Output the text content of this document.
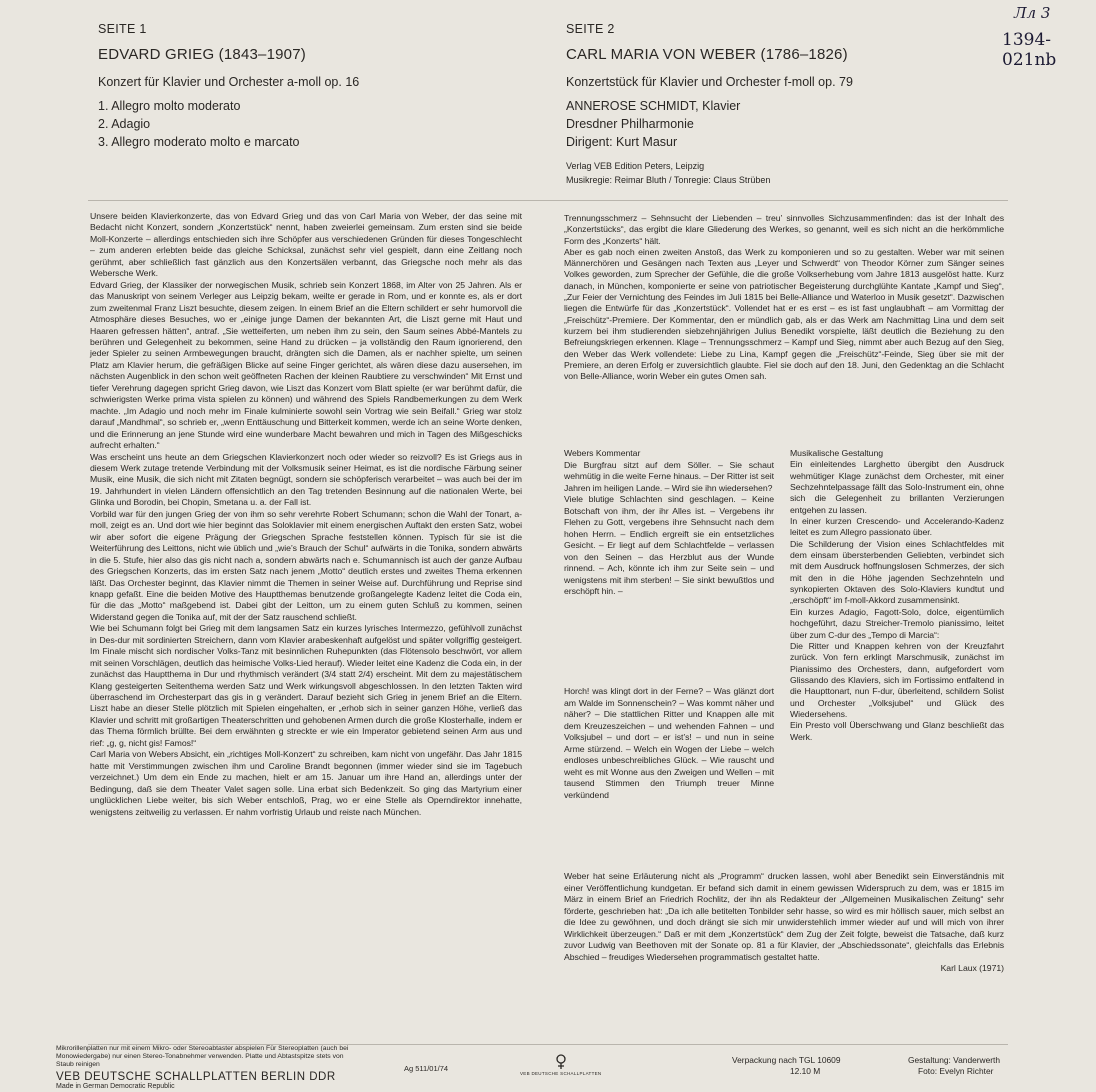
Лл 3
1394-021nb
SEITE 1
EDVARD GRIEG (1843–1907)
Konzert für Klavier und Orchester a-moll op. 16
1. Allegro molto moderato
2. Adagio
3. Allegro moderato molto e marcato
SEITE 2
CARL MARIA VON WEBER (1786–1826)
Konzertstück für Klavier und Orchester f-moll op. 79
ANNEROSE SCHMIDT, Klavier
Dresdner Philharmonie
Dirigent: Kurt Masur
Verlag VEB Edition Peters, Leipzig
Musikregie: Reimar Bluth / Tonregie: Claus Strüben

Unsere beiden Klavierkonzerte, das von Edvard Grieg und das von Carl Maria von Weber, der das seine mit Bedacht nicht Konzert, sondern „Konzertstück“ nennt, haben zweierlei gemeinsam. Zum ersten sind sie beide Moll-Konzerte – allerdings entschieden sich ihre Schöpfer aus verschiedenen Gründen für dieses Tongeschlecht – zum anderen erlebten beide das gleiche Schicksal, zunächst sehr viel gespielt, dann eine Zeitlang noch gerühmt, aber schließlich fast gänzlich aus den Konzertsälen verbannt, das Griegsche noch mehr als das Webersche Werk.

Edvard Grieg, der Klassiker der norwegischen Musik, schrieb sein Konzert 1868, im Alter von 25 Jahren. Als er das Manuskript von seinem Verleger aus Leipzig bekam, weilte er gerade in Rom, und er konnte es, als er dort zum zweitenmal Franz Liszt besuchte, diesem zeigen. In einem Brief an die Eltern schildert er sehr humorvoll die Atmosphäre dieses Besuches, wo er „einige junge Damen der bekannten Art, die Liszt gerne mit Haut und Haaren gefressen hätten“, antraf. „Sie wetteiferten, um neben ihm zu sein, den Saum seines Abbé-Mantels zu berühren und Gelegenheit zu bekommen, seine Hand zu drücken – ja vollständig den Raum ignorierend, den jeder Spieler zu seinen Armbewegungen braucht, drängten sich die Damen, als er nachher spielte, um seinen Platz am Klavier herum, die gefräßigen Blicke auf seine Finger gerichtet, als wären diese dazu ausersehen, im nächsten Augenblick in den schon weit geöffneten Rachen der kleinen Raubtiere zu verschwinden“ Mit Ernst und tiefer Verehrung dagegen spricht Grieg davon, wie Liszt das Konzert vom Blatt spielte (er war berühmt dafür, die schwierigsten Werke prima vista spielen zu können) und während des Spiels Randbemerkungen zu dem Werk machte. „Im Adagio und noch mehr im Finale kulminierte sowohl sein Vortrag wie sein Beifall.“ Grieg war stolz darauf „Mandhmal“, so schrieb er, „wenn Enttäuschung und Bitterkeit kommen, werde ich an seine Worte denken, und die Erinnerung an jene Stunde wird eine wunderbare Macht bewahren und mich in Tagen des Mißgeschicks aufrecht erhalten.“

Was erscheint uns heute an dem Griegschen Klavierkonzert noch oder wieder so reizvoll? Es ist Griegs aus in diesem Werk zutage tretende Verbindung mit der Volksmusik seiner Heimat, es ist die nordische Färbung seiner Musik, eine Musik, die sich nicht mit Zitaten begnügt, sondern sie schöpferisch verarbeitet – was auch bei der im 19. Jahrhundert in vielen Ländern offensichtlich an den Tag tretenden Besinnung auf die nationalen Werte, bei Glinka und Borodin, bei Chopin, Smetana u. a. der Fall ist.

Vorbild war für den jungen Grieg der von ihm so sehr verehrte Robert Schumann; schon die Wahl der Tonart, a-moll, zeigt es an. Und dort wie hier beginnt das Soloklavier mit einem energischen Auftakt den ersten Satz, wobei wir aber sofort die eigene Prägung der Griegschen Sprache feststellen können. Typisch für sie ist die Weiterführung des Leittons, nicht wie üblich und „wie’s Brauch der Schul“ aufwärts in die Tonika, sondern abwärts in die 5. Stufe, hier also das gis nicht nach a, sondern abwärts nach e. Schumannisch ist auch der ganze Aufbau des Griegschen Konzerts, das im ersten Satz nach jenem „Motto“ deutlich erstes und zweites Thema erkennen läßt. Das Orchester beginnt, das Klavier nimmt die Themen in seiner Weise auf. Durchführung und Reprise sind knapp gefaßt. Eine die beiden Motive des Hauptthemas benutzende großangelegte Kadenz leitet die Coda ein, für die das „Motto“ maßgebend ist. Dabei gibt der Leitton, um zu einem guten Schluß zu kommen, seinen Widerstand gegen die Tonika auf, mit der der Satz rauschend schließt.

Wie bei Schumann folgt bei Grieg mit dem langsamen Satz ein kurzes lyrisches Intermezzo, gefühlvoll zunächst in Des-dur mit sordinierten Streichern, dann vom Klavier arabeskenhaft aufgelöst und später vollgriffig gesteigert. Im Finale mischt sich nordischer Volks-Tanz mit besinnlichen Ruhepunkten (das Flötensolo beschwört, vor allem mit seinen Vorschlägen, deutlich das heimische Volks-Lied herauf). Wieder leitet eine Kadenz die Coda ein, in der zunächst das Hauptthema in Dur und rhythmisch verändert (3/4 statt 2/4) erscheint. Mit dem zu majestätischem Klang gesteigerten Seitenthema werden Satz und Werk wirkungsvoll abgeschlossen. In den letzten Takten wird überraschend im Orchesterpart das gis in g verändert. Darauf bezieht sich Grieg in jenem Brief an die Eltern. Liszt habe an dieser Stelle plötzlich mit Spielen eingehalten, er „erhob sich in seiner ganzen Höhe, verließ das Klavier und schritt mit großartigen Theaterschritten und gehobenen Armen durch die große Klosterhalle, indem er das Thema förmlich brüllte. Bei dem erwähnten g streckte er wie ein Imperator gebietend seinen Arm aus und rief: „g, g, nicht gis! Famos!“

Carl Maria von Webers Absicht, ein „richtiges Moll-Konzert“ zu schreiben, kam nicht von ungefähr. Das Jahr 1815 hatte mit Verstimmungen zwischen ihm und Caroline Brandt begonnen (immer wieder sind sie im Tagebuch verzeichnet.) Um dem ein Ende zu machen, hielt er am 15. Januar um ihre Hand an, allerdings unter der Bedingung, daß sie dem Theater Valet sagen solle. Lina erbat sich Bedenkzeit. So ging das Martyrium einer unglücklichen Liebe weiter, bis sich Weber entschloß, Prag, wo er eine Stelle als Operndirektor innehatte, wenigstens zeitweilig zu verlassen. Er nahm vorfristig Urlaub und reiste nach München.

Trennungsschmerz – Sehnsucht der Liebenden – treu’ sinnvolles Sichzusammenfinden: das ist der Inhalt des „Konzertstücks“, das ergibt die klare Gliederung des Werkes, so genannt, weil es sich nicht an die herkömmliche Form des „Konzerts“ hält.

Aber es gab noch einen zweiten Anstoß, das Werk zu komponieren und so zu gestalten. Weber war mit seinen Männerchören und Gesängen nach Texten aus „Leyer und Schwerdt“ von Theodor Körner zum Sänger seines Volkes geworden, zum Sprecher der Gefühle, die die große Volkserhebung vom Jahre 1813 ausgelöst hatte. Kurz danach, in München, komponierte er seine von patriotischer Begeisterung durchglühte Kantate „Kampf und Sieg“, „Zur Feier der Vernichtung des Feindes im Juli 1815 bei Belle-Alliance und Waterloo in Musik gesetzt“. Dazwischen liegen die Entwürfe für das „Konzertstück“. Vollendet hat er es erst – es ist fast unglaubhaft – am Vormittag der „Freischütz“-Premiere. Der Kommentar, den er mündlich gab, als er das Werk am Nachmittag Lina und dem seit kurzem bei ihm studierenden siebzehnjährigen Julius Benedikt vorspielte, läßt deutlich die Beziehung zu den Befreiungskriegen erkennen. Klage – Trennungsschmerz – Kampf und Sieg, nimmt aber auch Bezug auf den Sieg, den Weber das Werk vollendete: Liebe zu Lina, Kampf gegen die „Freischütz“-Feinde, Sieg über sie mit der Premiere, an deren Erfolg er zuversichtlich glaubte. Fiel sie doch auf den 18. Juni, den Gedenktag an die Schlacht von Belle-Alliance, worin Weber ein gutes Omen sah.

Webers Kommentar

Die Burgfrau sitzt auf dem Söller. – Sie schaut wehmütig in die weite Ferne hinaus. – Der Ritter ist seit Jahren im heiligen Lande. – Wird sie ihn wiedersehen?

Viele blutige Schlachten sind geschlagen. – Keine Botschaft von ihm, der ihr Alles ist. – Vergebens ihr Flehen zu Gott, vergebens ihre Sehnsucht nach dem hohen Herrn. – Endlich ergreift sie ein entsetzliches Gesicht. – Er liegt auf dem Schlachtfelde – verlassen von den Seinen – das Herzblut aus der Wunde rinnend. – Ach, könnte ich ihm zur Seite sein – und wenigstens mit ihm sterben! – Sie sinkt bewußtlos und erschöpft hin. –

Horch! was klingt dort in der Ferne? – Was glänzt dort am Walde im Sonnenschein? – Was kommt näher und näher? – Die stattlichen Ritter und Knappen alle mit dem Kreuzeszeichen – und wehenden Fahnen – und Volksjubel – und dort – er ist’s! – und nun in seine Arme stürzend. – Welch ein Wogen der Liebe – welch endloses unbeschreibliches Glück. – Wie rauscht und weht es mit Wonne aus den Zweigen und Wellen – mit tausend Stimmen den Triumph treuer Minne verkündend
Musikalische Gestaltung

Ein einleitendes Larghetto übergibt den Ausdruck wehmütiger Klage zunächst dem Orchester, mit einer Sechzehntelpassage fällt das Solo-Instrument ein, ohne sich die Gelegenheit zu brillanten Verzierungen entgehen zu lassen.

In einer kurzen Crescendo- und Accelerando-Kadenz leitet es zum Allegro passionato über.

Die Schilderung der Vision eines Schlachtfeldes mit dem einsam übersterbenden Geliebten, verbindet sich mit dem Ausdruck hoffnungslosen Schmerzes, der sich mit den in die Höhe jagenden Sechzehnteln und synkopierten Oktaven des Solo-Klaviers kundtut und „erschöpft“ im f-moll-Akkord zusammensinkt.

Ein kurzes Adagio, Fagott-Solo, dolce, eigentümlich hochgeführt, dazu Streicher-Tremolo pianissimo, leitet über zum C-dur des „Tempo di Marcia“:

Die Ritter und Knappen kehren von der Kreuzfahrt zurück. Von fern erklingt Marschmusik, zunächst im Pianissimo des Orchesters, dann, aufgefordert vom Glissando des Klaviers, sich im Fortissimo entfaltend in die Haupttonart, nun F-dur, überleitend, schildern Solist und Orchester „Volksjubel“ und Glück des Wiedersehens.

Ein Presto voll Überschwang und Glanz beschließt das Werk.

Weber hat seine Erläuterung nicht als „Programm“ drucken lassen, wohl aber Benedikt sein Einverständnis mit einer Veröffentlichung kundgetan. Er befand sich damit in einem gewissen Widerspruch zu dem, was er 1815 im März in einem Brief an Friedrich Rochlitz, der ihn als Redakteur der „Allgemeinen Musikalischen Zeitung“ sehr förderte, geschrieben hat: „Da ich alle betitelten Tonbilder sehr hasse, so wird es mir höllisch sauer, mich selbst an die Idee zu gewöhnen, und doch drängt sie sich mir unwiderstehlich immer wieder auf und will mich von ihrer Wirklichkeit überzeugen.“ Daß er mit dem „Konzertstück“ dem Zug der Zeit folgte, beweist die Tatsache, daß kurz zuvor Ludwig van Beethoven mit der Sonate op. 81 a für Klavier, der „Abschiedssonate“, gleichfalls das Erlebnis Abschied – freudiges Wiedersehen programmatisch gestaltet hatte.

Karl Laux (1971)
Mikrorillenplatten nur mit einem Mikro- oder Stereoabtaster abspielen Für Stereoplatten (auch bei Monowiedergabe) nur einen Stereo-Tonabnehmer verwenden. Platte und Abtastspitze stets von Staub reinigen
VEB DEUTSCHE SCHALLPLATTEN BERLIN DDR
Made in German Democratic Republic
Ag 511/01/74
VEB DEUTSCHE SCHALLPLATTEN
Verpackung nach TGL 10609
12.10 M
Gestaltung: Vanderwerth
Foto: Evelyn Richter
